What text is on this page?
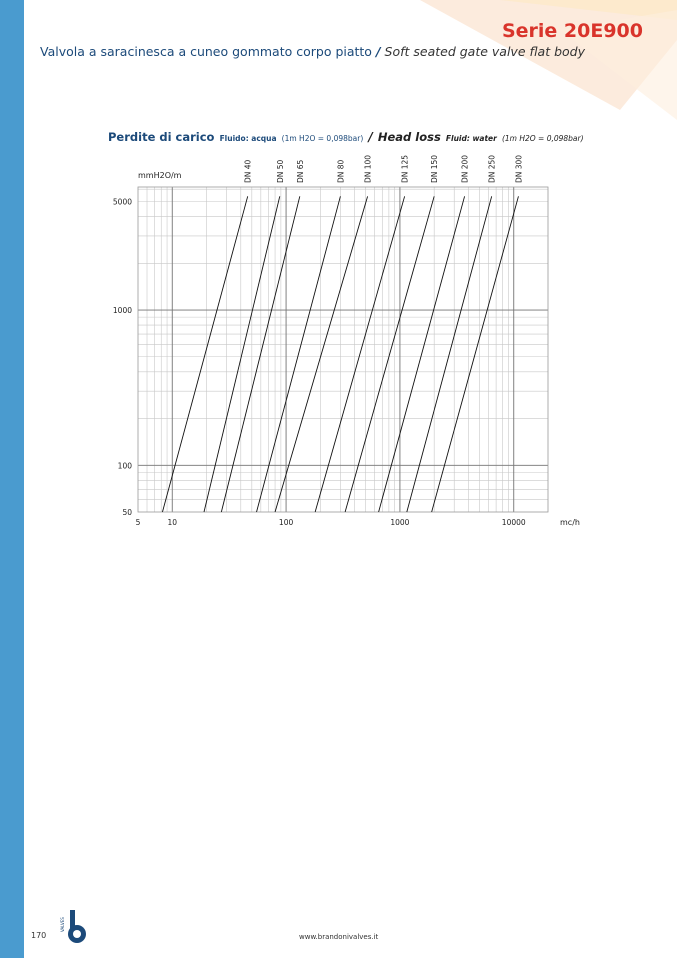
Serie 20E900
Valvola a saracinesca a cuneo gommato corpo piatto / Soft seated gate valve flat body
Perdite di carico Fluido: acqua (1m H2O = 0,098bar) / Head loss Fluid: water (1m H2O = 0,098bar)
5	10	100	1000	10000
50
100
1000
5000
mc/h
mmH2O/m	DN 40	DN 50 DN 65	DN 80 DN 100	DN 125	DN 150	DN 200 DN 250 DN 300
170
VALVES
www.brandonivalves.it
